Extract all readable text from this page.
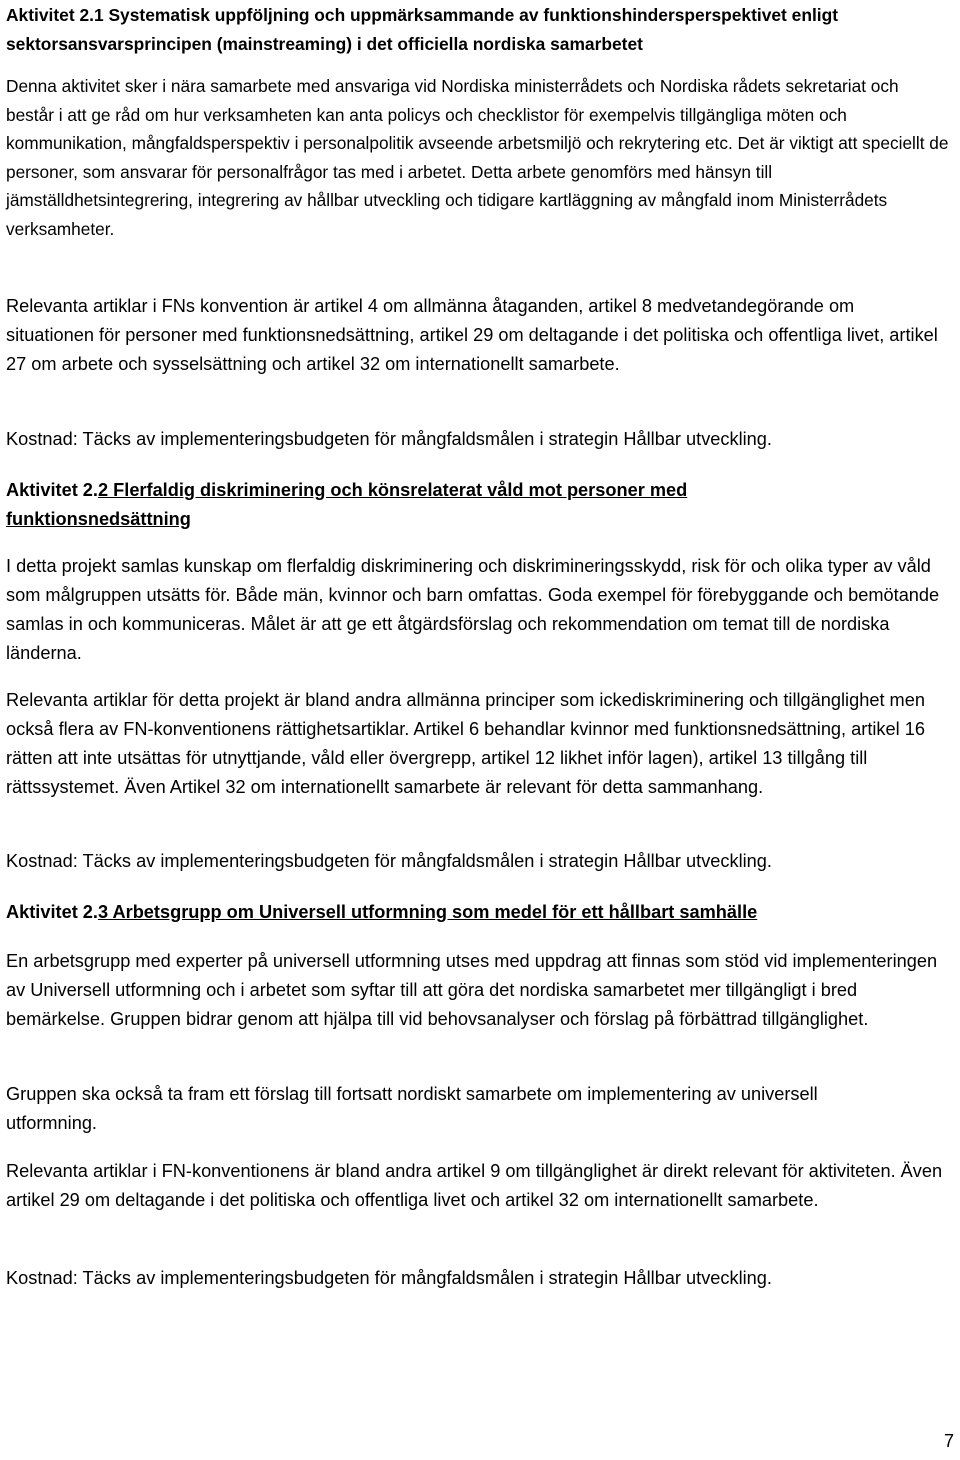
Aktivitet 2.1 Systematisk uppföljning och uppmärksammande av funktionshindersperspektivet enligt sektorsansvarsprincipen (mainstreaming) i det officiella nordiska samarbetet

Denna aktivitet sker i nära samarbete med ansvariga vid Nordiska ministerrådets och Nordiska rådets sekretariat och består i att ge råd om hur verksamheten kan anta policys och checklistor för exempelvis tillgängliga möten och kommunikation, mångfaldsperspektiv i personalpolitik avseende arbetsmiljö och rekrytering etc. Det är viktigt att speciellt de personer, som ansvarar för personalfrågor tas med i arbetet. Detta arbete genomförs med hänsyn till jämställdhetsintegrering, integrering av hållbar utveckling och tidigare kartläggning av mångfald inom Ministerrådets verksamheter.

Relevanta artiklar i FNs konvention är artikel 4 om allmänna åtaganden, artikel 8 medvetandegörande om situationen för personer med funktionsnedsättning, artikel 29 om deltagande i det politiska och offentliga livet, artikel 27 om arbete och sysselsättning och artikel 32 om internationellt samarbete.

Kostnad: Täcks av implementeringsbudgeten för mångfaldsmålen i strategin Hållbar utveckling.

Aktivitet 2.2 Flerfaldig diskriminering och könsrelaterat våld mot personer med funktionsnedsättning

I detta projekt samlas kunskap om flerfaldig diskriminering och diskrimineringsskydd, risk för och olika typer av våld som målgruppen utsätts för. Både män, kvinnor och barn omfattas. Goda exempel för förebyggande och bemötande samlas in och kommuniceras. Målet är att ge ett åtgärdsförslag och rekommendation om temat till de nordiska länderna.

Relevanta artiklar för detta projekt är bland andra allmänna principer som ickediskriminering och tillgänglighet men också flera av FN-konventionens rättighetsartiklar. Artikel 6 behandlar kvinnor med funktionsnedsättning, artikel 16 rätten att inte utsättas för utnyttjande, våld eller övergrepp, artikel 12 likhet inför lagen), artikel 13 tillgång till rättssystemet. Även Artikel 32 om internationellt samarbete är relevant för detta sammanhang.

Kostnad: Täcks av implementeringsbudgeten för mångfaldsmålen i strategin Hållbar utveckling.

Aktivitet 2.3 Arbetsgrupp om Universell utformning som medel för ett hållbart samhälle

En arbetsgrupp med experter på universell utformning utses med uppdrag att finnas som stöd vid implementeringen av Universell utformning och i arbetet som syftar till att göra det nordiska samarbetet mer tillgängligt i bred bemärkelse. Gruppen bidrar genom att hjälpa till vid behovsanalyser och förslag på förbättrad tillgänglighet.

Gruppen ska också ta fram ett förslag till fortsatt nordiskt samarbete om implementering av universell utformning.

Relevanta artiklar i FN-konventionens är bland andra artikel 9 om tillgänglighet är direkt relevant för aktiviteten. Även artikel 29 om deltagande i det politiska och offentliga livet och artikel 32 om internationellt samarbete.

Kostnad: Täcks av implementeringsbudgeten för mångfaldsmålen i strategin Hållbar utveckling.

7
